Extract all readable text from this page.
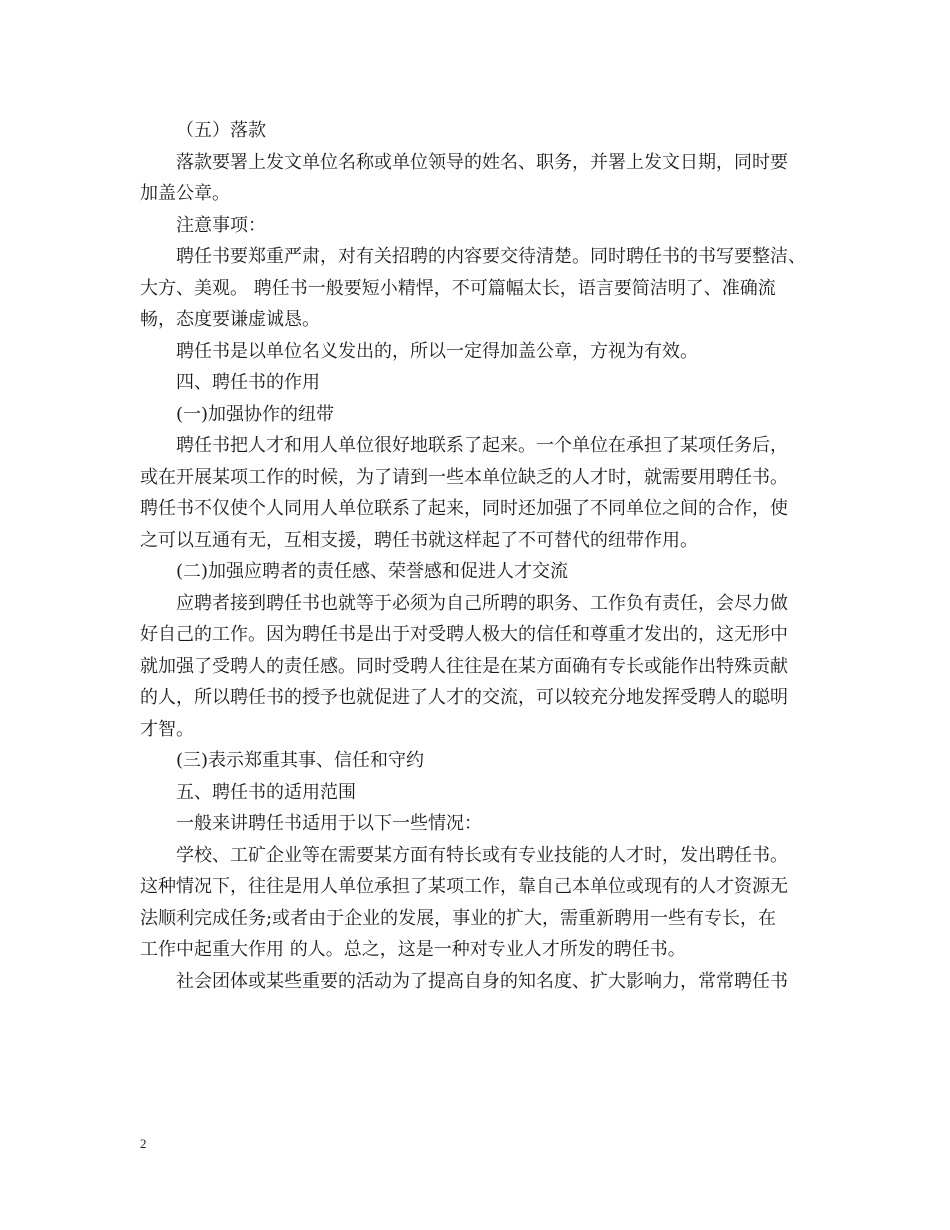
（五）落款

落款要署上发文单位名称或单位领导的姓名、职务，并署上发文日期，同时要

加盖公章。

注意事项：

聘任书要郑重严肃，对有关招聘的内容要交待清楚。同时聘任书的书写要整洁、

大方、美观。 聘任书一般要短小精悍，不可篇幅太长，语言要简洁明了、准确流

畅，态度要谦虚诚恳。

聘任书是以单位名义发出的，所以一定得加盖公章，方视为有效。

四、聘任书的作用

(一)加强协作的纽带

聘任书把人才和用人单位很好地联系了起来。一个单位在承担了某项任务后，

或在开展某项工作的时候，为了请到一些本单位缺乏的人才时，就需要用聘任书。

聘任书不仅使个人同用人单位联系了起来，同时还加强了不同单位之间的合作，使

之可以互通有无，互相支援，聘任书就这样起了不可替代的纽带作用。

(二)加强应聘者的责任感、荣誉感和促进人才交流

应聘者接到聘任书也就等于必须为自己所聘的职务、工作负有责任，会尽力做

好自己的工作。因为聘任书是出于对受聘人极大的信任和尊重才发出的，这无形中

就加强了受聘人的责任感。同时受聘人往往是在某方面确有专长或能作出特殊贡献

的人，所以聘任书的授予也就促进了人才的交流，可以较充分地发挥受聘人的聪明

才智。

(三)表示郑重其事、信任和守约

五、聘任书的适用范围

一般来讲聘任书适用于以下一些情况：

学校、工矿企业等在需要某方面有特长或有专业技能的人才时，发出聘任书。

这种情况下，往往是用人单位承担了某项工作，靠自己本单位或现有的人才资源无

法顺利完成任务;或者由于企业的发展，事业的扩大，需重新聘用一些有专长，在

工作中起重大作用 的人。总之，这是一种对专业人才所发的聘任书。

社会团体或某些重要的活动为了提高自身的知名度、扩大影响力，常常聘任书

2
